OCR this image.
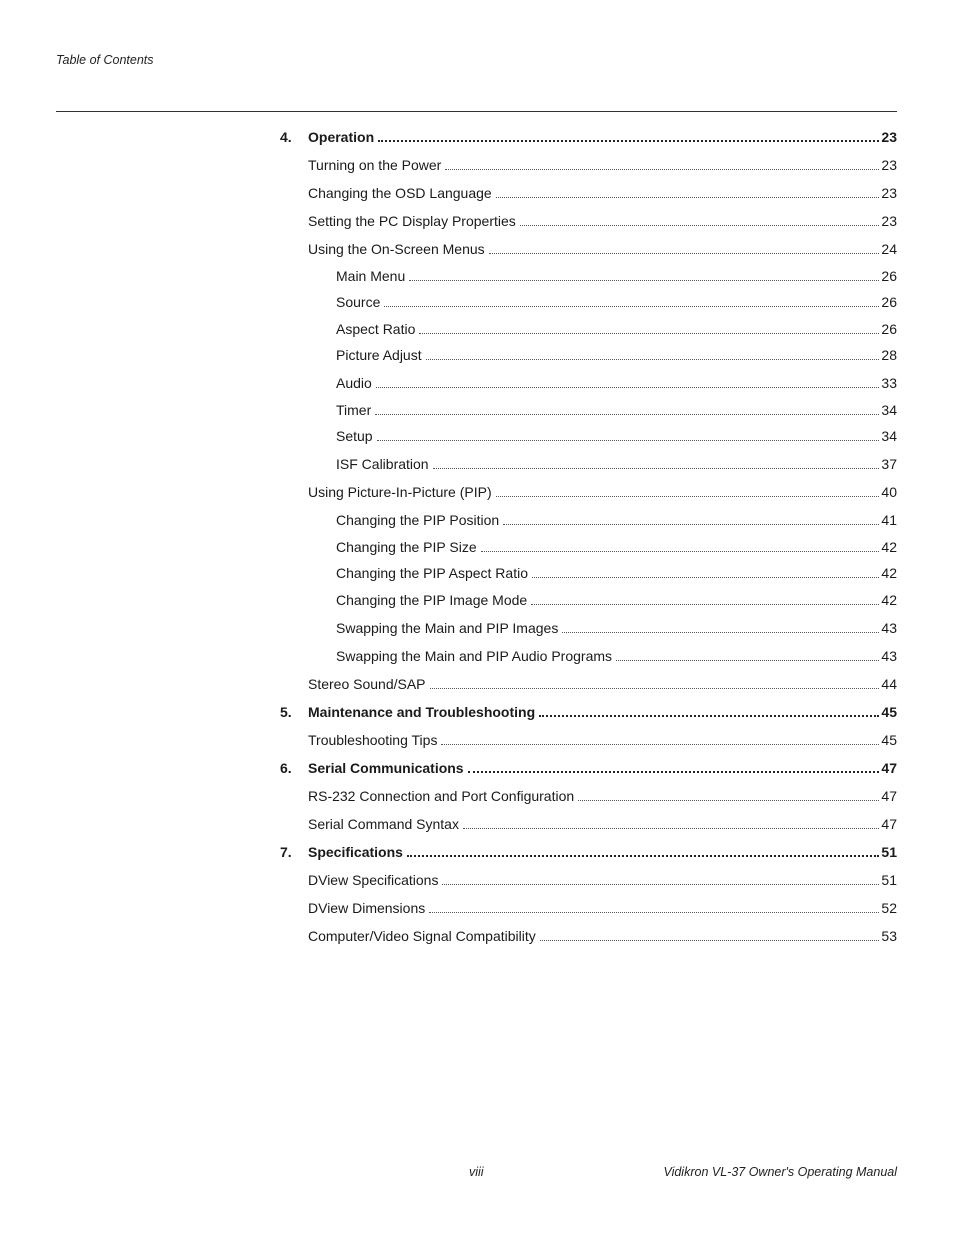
Table of Contents
4. Operation	23
Turning on the Power	23
Changing the OSD Language	23
Setting the PC Display Properties	23
Using the On-Screen Menus	24
Main Menu	26
Source	26
Aspect Ratio	26
Picture Adjust	28
Audio	33
Timer	34
Setup	34
ISF Calibration	37
Using Picture-In-Picture (PIP)	40
Changing the PIP Position	41
Changing the PIP Size	42
Changing the PIP Aspect Ratio	42
Changing the PIP Image Mode	42
Swapping the Main and PIP Images	43
Swapping the Main and PIP Audio Programs	43
Stereo Sound/SAP	44
5. Maintenance and Troubleshooting	45
Troubleshooting Tips	45
6. Serial Communications	47
RS-232 Connection and Port Configuration	47
Serial Command Syntax	47
7. Specifications	51
DView Specifications	51
DView Dimensions	52
Computer/Video Signal Compatibility	53
viii	Vidikron VL-37 Owner's Operating Manual
